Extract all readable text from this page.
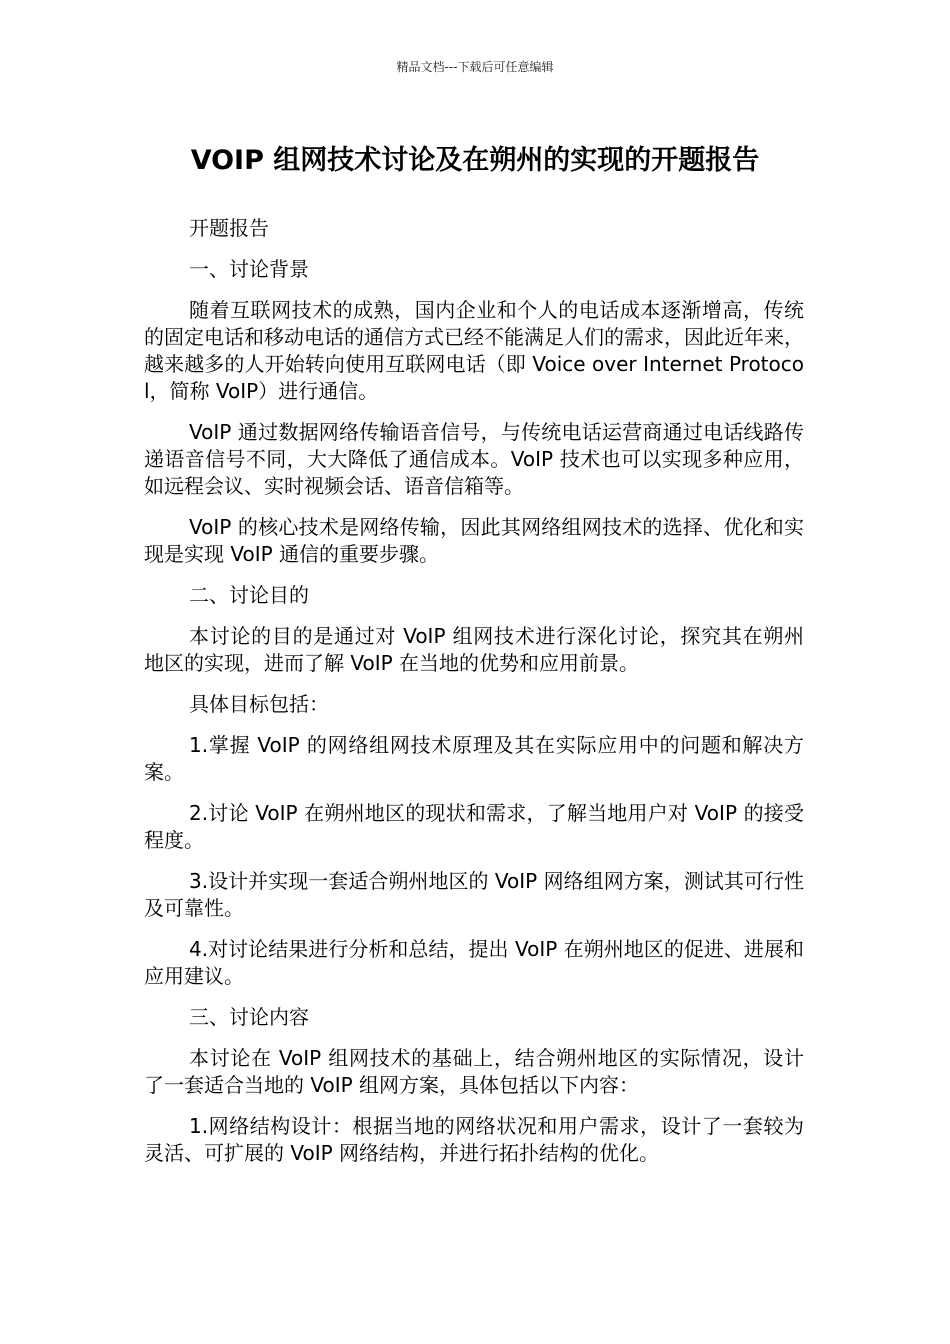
精品文档---下载后可任意编辑
VOIP 组网技术讨论及在朔州的实现的开题报告

开题报告

一、讨论背景

随着互联网技术的成熟，国内企业和个人的电话成本逐渐增高，传统的固定电话和移动电话的通信方式已经不能满足人们的需求，因此近年来，越来越多的人开始转向使用互联网电话（即 Voice over Internet Protocol，简称 VoIP）进行通信。

VoIP 通过数据网络传输语音信号，与传统电话运营商通过电话线路传递语音信号不同，大大降低了通信成本。VoIP 技术也可以实现多种应用，如远程会议、实时视频会话、语音信箱等。

VoIP 的核心技术是网络传输，因此其网络组网技术的选择、优化和实现是实现 VoIP 通信的重要步骤。

二、讨论目的

本讨论的目的是通过对 VoIP 组网技术进行深化讨论，探究其在朔州地区的实现，进而了解 VoIP 在当地的优势和应用前景。

具体目标包括：

1.掌握 VoIP 的网络组网技术原理及其在实际应用中的问题和解决方案。

2.讨论 VoIP 在朔州地区的现状和需求，了解当地用户对 VoIP 的接受程度。

3.设计并实现一套适合朔州地区的 VoIP 网络组网方案，测试其可行性及可靠性。

4.对讨论结果进行分析和总结，提出 VoIP 在朔州地区的促进、进展和应用建议。

三、讨论内容

本讨论在 VoIP 组网技术的基础上，结合朔州地区的实际情况，设计了一套适合当地的 VoIP 组网方案，具体包括以下内容：

1.网络结构设计：根据当地的网络状况和用户需求，设计了一套较为灵活、可扩展的 VoIP 网络结构，并进行拓扑结构的优化。
